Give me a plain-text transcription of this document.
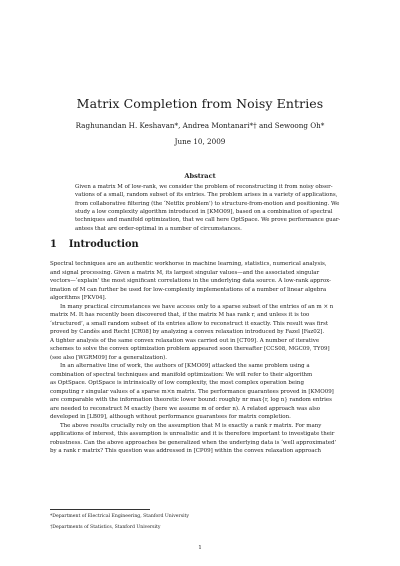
Matrix Completion from Noisy Entries
Raghunandan H. Keshavan*, Andrea Montanari*† and Sewoong Oh*
June 10, 2009
Abstract
Given a matrix M of low-rank, we consider the problem of reconstructing it from noisy obser-
vations of a small, random subset of its entries. The problem arises in a variety of applications,
from collaborative filtering (the ‘Netflix problem’) to structure-from-motion and positioning. We
study a low complexity algorithm introduced in [KMO09], based on a combination of spectral
techniques and manifold optimization, that we call here OptSpace. We prove performance guar-
antees that are order-optimal in a number of circumstances.
1 Introduction
Spectral techniques are an authentic workhorse in machine learning, statistics, numerical analysis,
and signal processing. Given a matrix M, its largest singular values—and the associated singular
vectors—‘explain’ the most significant correlations in the underlying data source. A low-rank approx-
imation of M can further be used for low-complexity implementations of a number of linear algebra
algorithms [FKV04].
In many practical circumstances we have access only to a sparse subset of the entries of an m × n
matrix M. It has recently been discovered that, if the matrix M has rank r, and unless it is too
‘structured’, a small random subset of its entries allow to reconstruct it exactly. This result was first
proved by Candès and Recht [CR08] by analyzing a convex relaxation introduced by Fazel [Faz02].
A tighter analysis of the same convex relaxation was carried out in [CT09]. A number of iterative
schemes to solve the convex optimization problem appeared soon thereafter [CCS08, MGC09, TY09]
(see also [WGRM09] for a generalization).
In an alternative line of work, the authors of [KMO09] attacked the same problem using a
combination of spectral techniques and manifold optimization: We will refer to their algorithm
as OptSpace. OptSpace is intrinsically of low complexity, the most complex operation being
computing r singular values of a sparse m×n matrix. The performance guarantees proved in [KMO09]
are comparable with the information theoretic lower bound: roughly nr max{r, log n} random entries
are needed to reconstruct M exactly (here we assume m of order n). A related approach was also
developed in [LB09], although without performance guarantees for matrix completion.
The above results crucially rely on the assumption that M is exactly a rank r matrix. For many
applications of interest, this assumption is unrealistic and it is therefore important to investigate their
robustness. Can the above approaches be generalized when the underlying data is ‘well approximated’
by a rank r matrix? This question was addressed in [CP09] within the convex relaxation approach
*Department of Electrical Engineering, Stanford University
†Departments of Statistics, Stanford University
1
